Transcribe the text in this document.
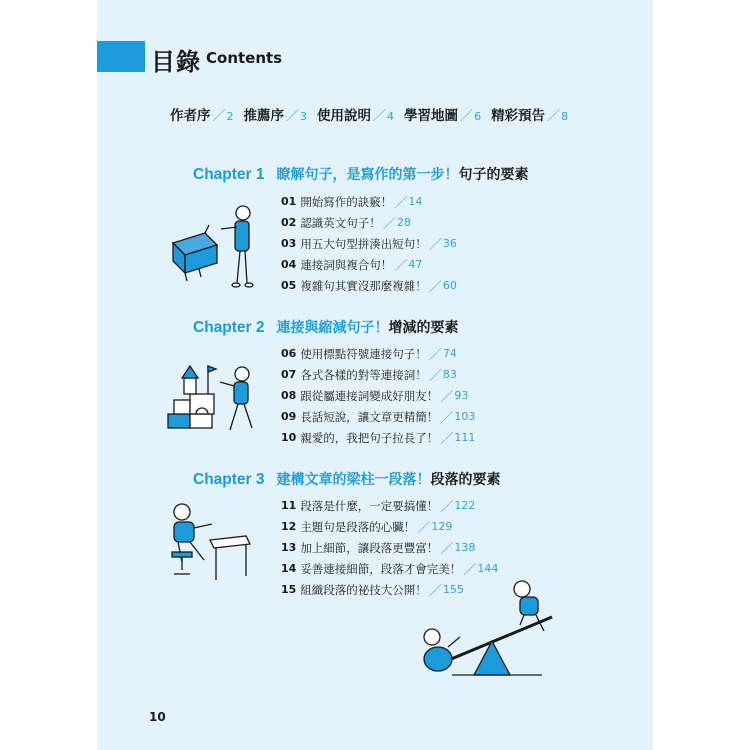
目錄 Contents
作者序 ／ 2 推薦序 ／ 3 使用說明 ／ 4 學習地圖 ／ 6 精彩預告 ／ 8
Chapter 1 瞭解句子，是寫作的第一步！ 句子的要素
01 開始寫作的訣竅！ ／ 14
02 認識英文句子！ ／ 28
03 用五大句型拼湊出短句！ ／ 36
04 連接詞與複合句！ ／ 47
05 複雜句其實沒那麼複雜！ ／ 60
Chapter 2 連接與縮減句子！ 增減的要素
06 使用標點符號連接句子！ ／ 74
07 各式各樣的對等連接詞！ ／ 83
08 跟從屬連接詞變成好朋友！ ／ 93
09 長話短說，讓文章更精簡！ ／ 103
10 親愛的，我把句子拉長了！ ／ 111
Chapter 3 建構文章的梁柱一段落！ 段落的要素
11 段落是什麼，一定要搞懂！ ／ 122
12 主題句是段落的心臟！ ／ 129
13 加上細節，讓段落更豐富！ ／ 138
14 妥善連接細節，段落才會完美！ ／ 144
15 組織段落的祕技大公開！ ／ 155
10
